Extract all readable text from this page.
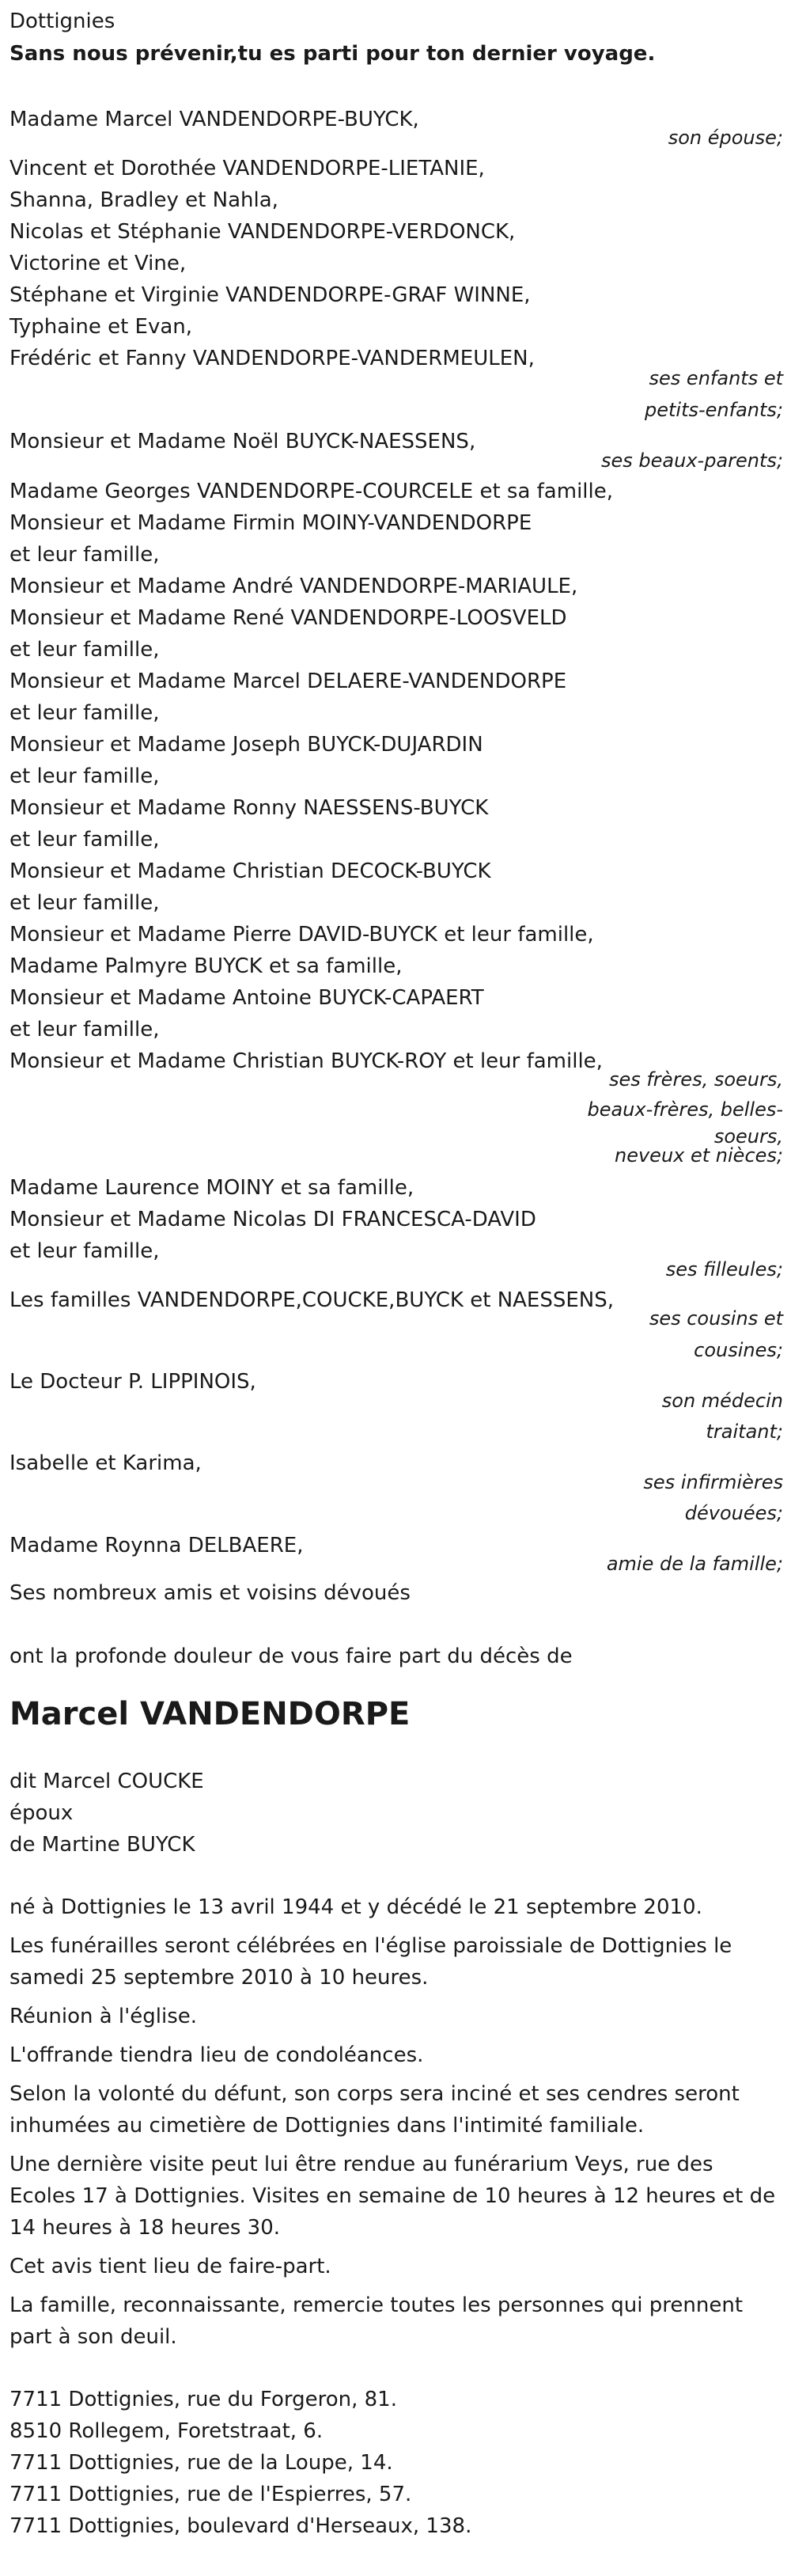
Dottignies
Sans nous prévenir,tu es parti pour ton dernier voyage.
Madame Marcel VANDENDORPE-BUYCK,
son épouse;
Vincent et Dorothée VANDENDORPE-LIETANIE,
Shanna, Bradley et Nahla,
Nicolas et Stéphanie VANDENDORPE-VERDONCK,
Victorine et Vine,
Stéphane et Virginie VANDENDORPE-GRAF WINNE,
Typhaine et Evan,
Frédéric et Fanny VANDENDORPE-VANDERMEULEN,
ses enfants et
petits-enfants;
Monsieur et Madame Noël BUYCK-NAESSENS,
ses beaux-parents;
Madame Georges VANDENDORPE-COURCELE et sa famille,
Monsieur et Madame Firmin MOINY-VANDENDORPE
et leur famille,
Monsieur et Madame André VANDENDORPE-MARIAULE,
Monsieur et Madame René VANDENDORPE-LOOSVELD
et leur famille,
Monsieur et Madame Marcel DELAERE-VANDENDORPE
et leur famille,
Monsieur et Madame Joseph BUYCK-DUJARDIN
et leur famille,
Monsieur et Madame Ronny NAESSENS-BUYCK
et leur famille,
Monsieur et Madame Christian DECOCK-BUYCK
et leur famille,
Monsieur et Madame Pierre DAVID-BUYCK et leur famille,
Madame Palmyre BUYCK et sa famille,
Monsieur et Madame Antoine BUYCK-CAPAERT
et leur famille,
Monsieur et Madame Christian BUYCK-ROY et leur famille,
ses frères, soeurs,
beaux-frères, belles-
soeurs,
neveux et nièces;
Madame Laurence MOINY et sa famille,
Monsieur et Madame Nicolas DI FRANCESCA-DAVID
et leur famille,
ses filleules;
Les familles VANDENDORPE,COUCKE,BUYCK et NAESSENS,
ses cousins et
cousines;
Le Docteur P. LIPPINOIS,
son médecin
traitant;
Isabelle et Karima,
ses infirmières
dévouées;
Madame Roynna DELBAERE,
amie de la famille;
Ses nombreux amis et voisins dévoués
ont la profonde douleur de vous faire part du décès de
Marcel VANDENDORPE
dit Marcel COUCKE
époux
de Martine BUYCK
né à Dottignies le 13 avril 1944 et y décédé le 21 septembre 2010.
Les funérailles seront célébrées en l'église paroissiale de Dottignies le
samedi 25 septembre 2010 à 10 heures.
Réunion à l'église.
L'offrande tiendra lieu de condoléances.
Selon la volonté du défunt, son corps sera inciné et ses cendres seront
inhumées au cimetière de Dottignies dans l'intimité familiale.
Une dernière visite peut lui être rendue au funérarium Veys, rue des
Ecoles 17 à Dottignies. Visites en semaine de 10 heures à 12 heures et de
14 heures à 18 heures 30.
Cet avis tient lieu de faire-part.
La famille, reconnaissante, remercie toutes les personnes qui prennent
part à son deuil.
7711 Dottignies, rue du Forgeron, 81.
8510 Rollegem, Foretstraat, 6.
7711 Dottignies, rue de la Loupe, 14.
7711 Dottignies, rue de l'Espierres, 57.
7711 Dottignies, boulevard d'Herseaux, 138.
